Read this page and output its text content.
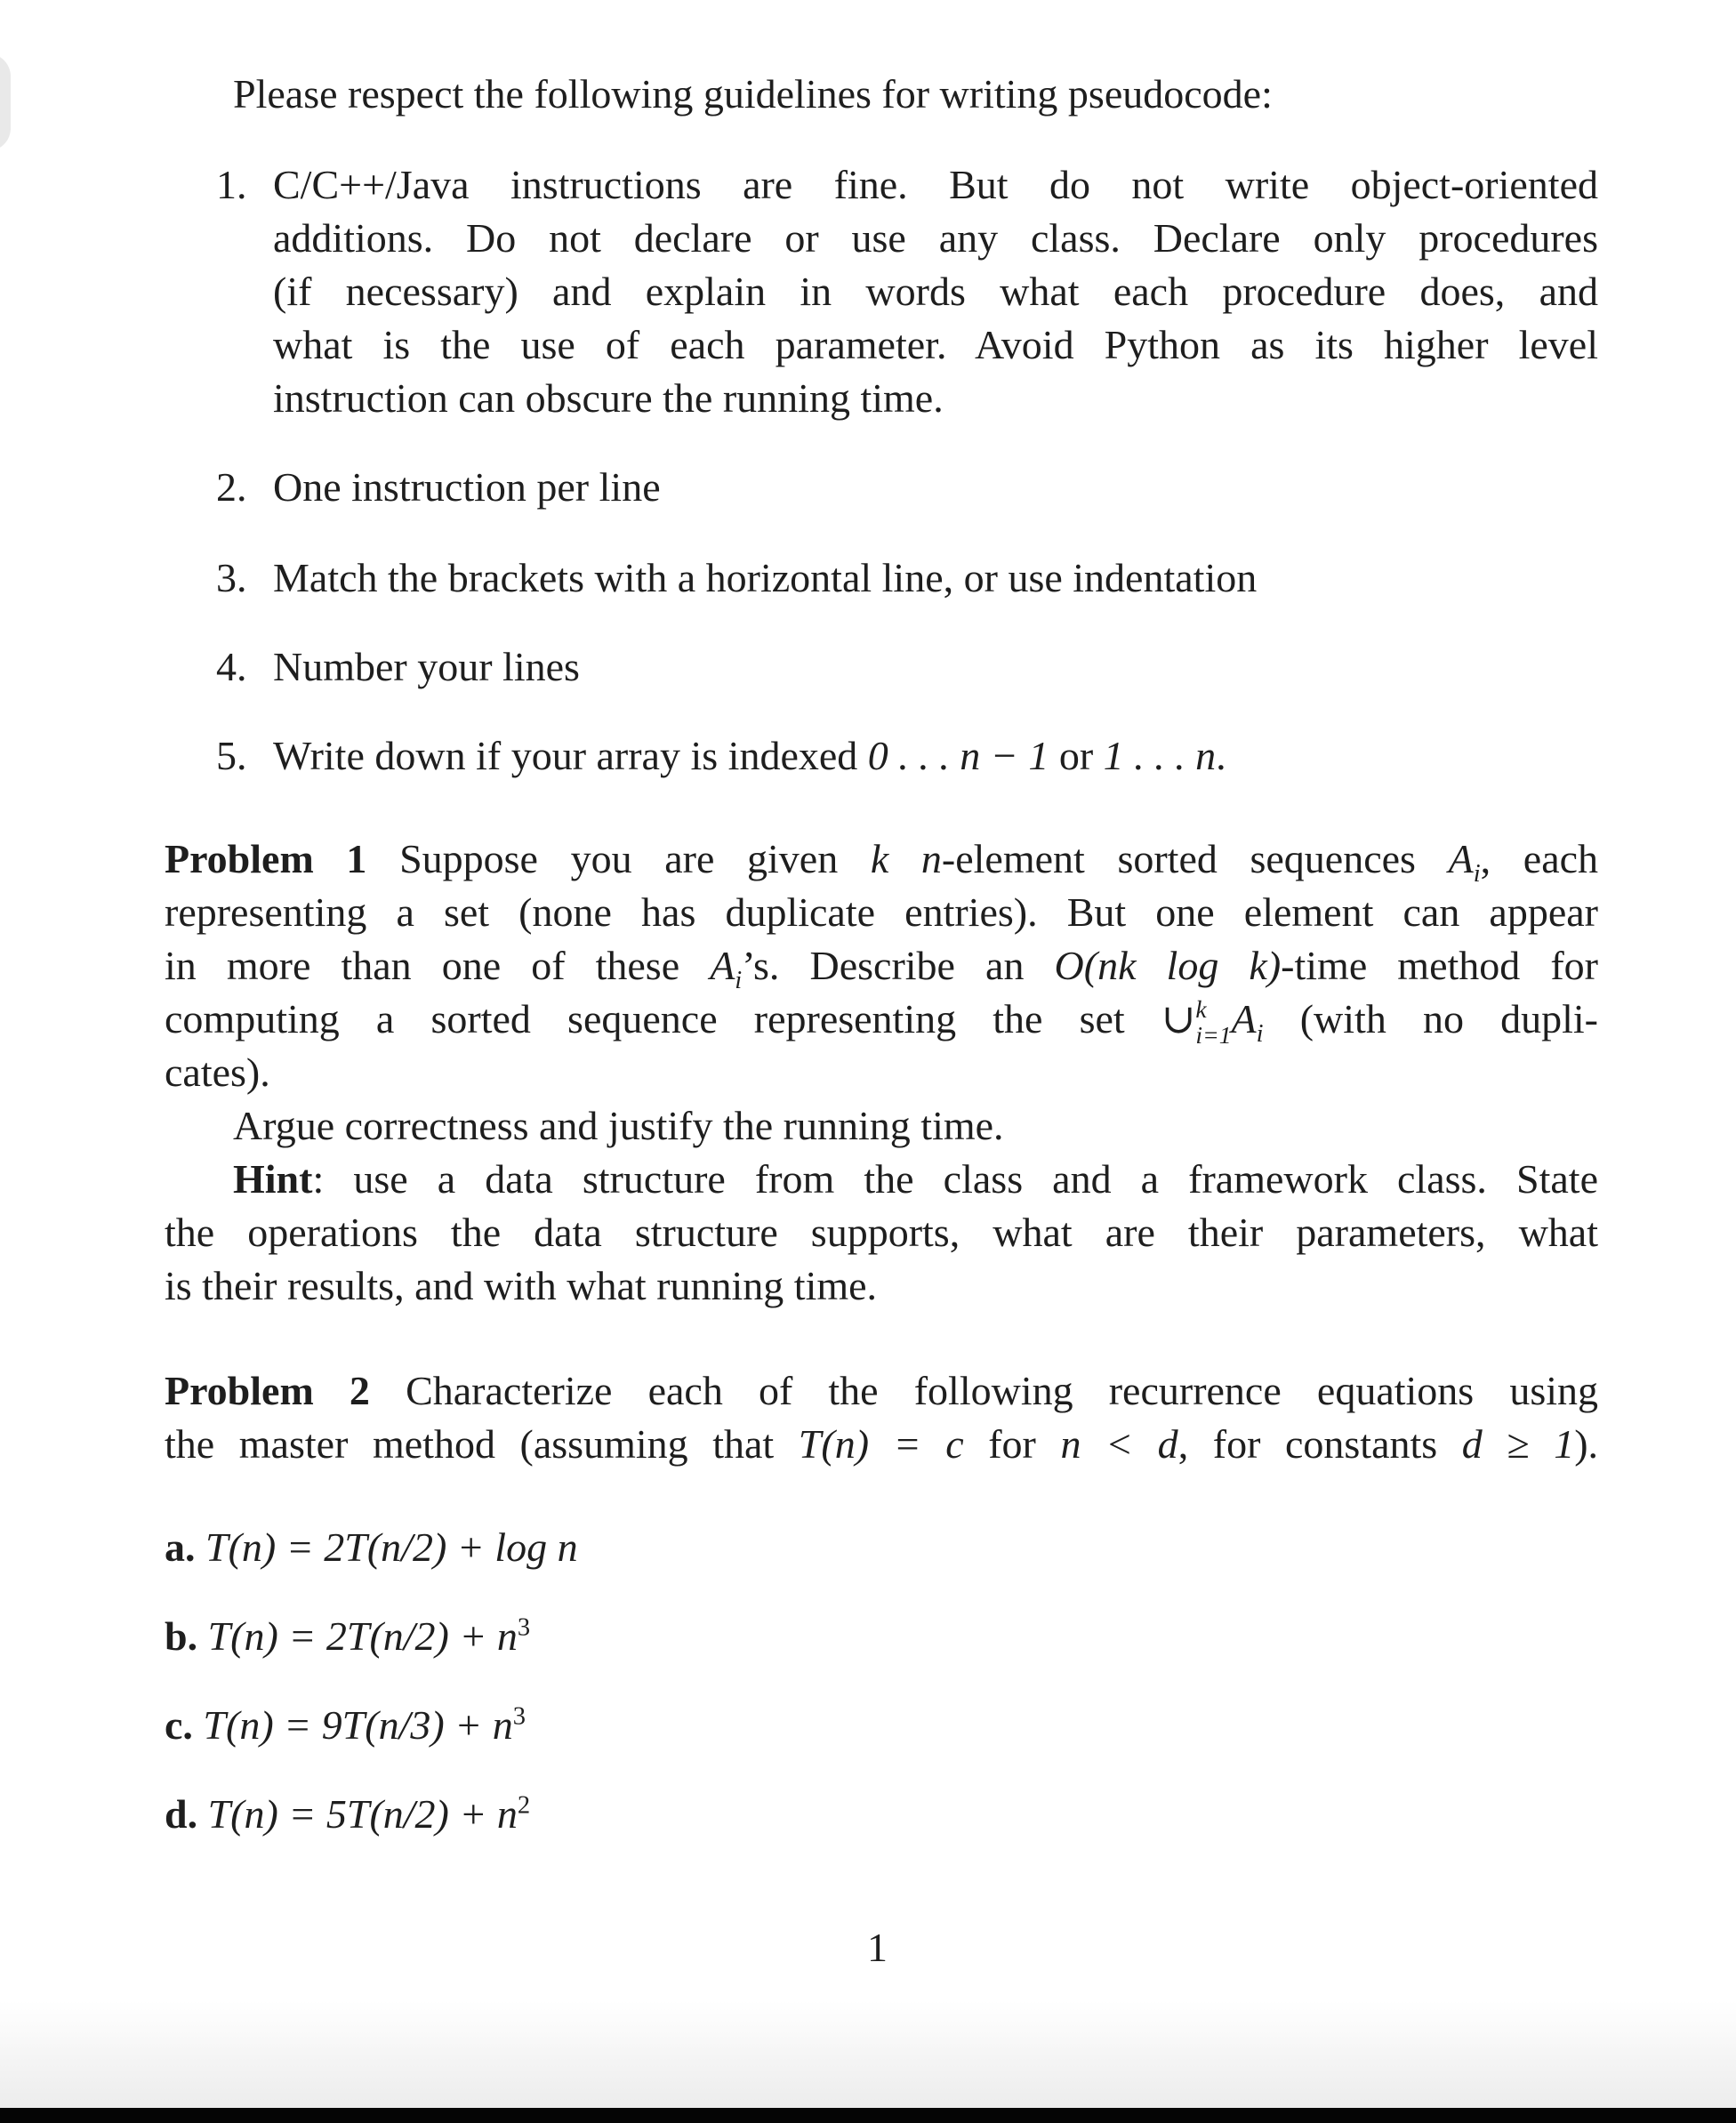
Please respect the following guidelines for writing pseudocode:
1. C/C++/Java instructions are fine. But do not write object-oriented
additions. Do not declare or use any class. Declare only procedures
(if necessary) and explain in words what each procedure does, and
what is the use of each parameter. Avoid Python as its higher level
instruction can obscure the running time.
2. One instruction per line
3. Match the brackets with a horizontal line, or use indentation
4. Number your lines
5. Write down if your array is indexed 0 . . . n − 1 or 1 . . . n.
Problem 1 Suppose you are given k n-element sorted sequences $A_i$, each
representing a set (none has duplicate entries). But one element can appear
in more than one of these $A_i’s$. Describe an O(nk log k)-time method for
computing a sorted sequence representing the set ∪ k
i=1 $A_i$ (with no dupli-
cates).
Argue correctness and justify the running time.
Hint: use a data structure from the class and a framework class. State
the operations the data structure supports, what are their parameters, what
is their results, and with what running time.
Problem 2 Characterize each of the following recurrence equations using
the master method (assuming that T(n) = c for n < d, for constants d ≥ 1).
a. T(n) = 2T(n/2) + log n
b. $T(n) = 2T(n/2) + n^3$
c. $T(n) = 9T(n/3) + n^3$
d. $T(n) = 5T(n/2) + n^2$
1
